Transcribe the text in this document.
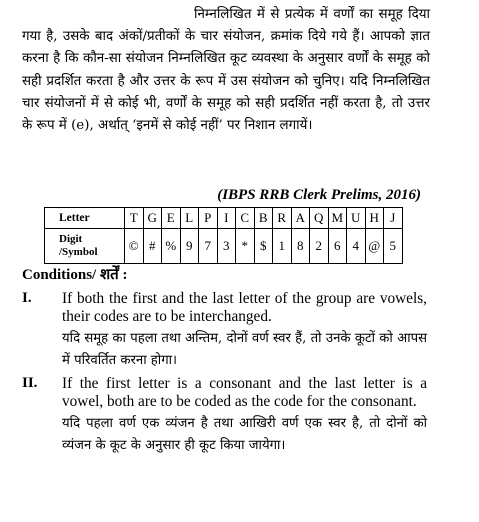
निम्नलिखित में से प्रत्येक में वर्णों का समूह दिया गया है, उसके बाद अंकों/प्रतीकों के चार संयोजन, क्रमांक दिये गये हैं। आपको ज्ञात करना है कि कौन-सा संयोजन निम्नलिखित कूट व्यवस्था के अनुसार वर्णों के समूह को सही प्रदर्शित करता है और उत्तर के रूप में उस संयोजन को चुनिए। यदि निम्नलिखित चार संयोजनों में से कोई भी, वर्णों के समूह को सही प्रदर्शित नहीं करता है, तो उत्तर के रूप में (e), अर्थात् ‘इनमें से कोई नहीं’ पर निशान लगायें।

(IBPS RRB Clerk Prelims, 2016)
Letter	T	G	E	L	P	I	C	B	R	A	Q	M	U	H	J
Digit
/Symbol	©	#	%	9	7	3	*	$	1	8	2	6	4	@	5
Conditions/ शर्तें :
I. If both the first and the last letter of the group are vowels, their codes are to be interchanged.

यदि समूह का पहला तथा अन्तिम, दोनों वर्ण स्वर हैं, तो उनके कूटों को आपस में परिवर्तित करना होगा।

II. If the first letter is a consonant and the last letter is a vowel, both are to be coded as the code for the consonant.

यदि पहला वर्ण एक व्यंजन है तथा आखिरी वर्ण एक स्वर है, तो दोनों को व्यंजन के कूट के अनुसार ही कूट किया जायेगा।
